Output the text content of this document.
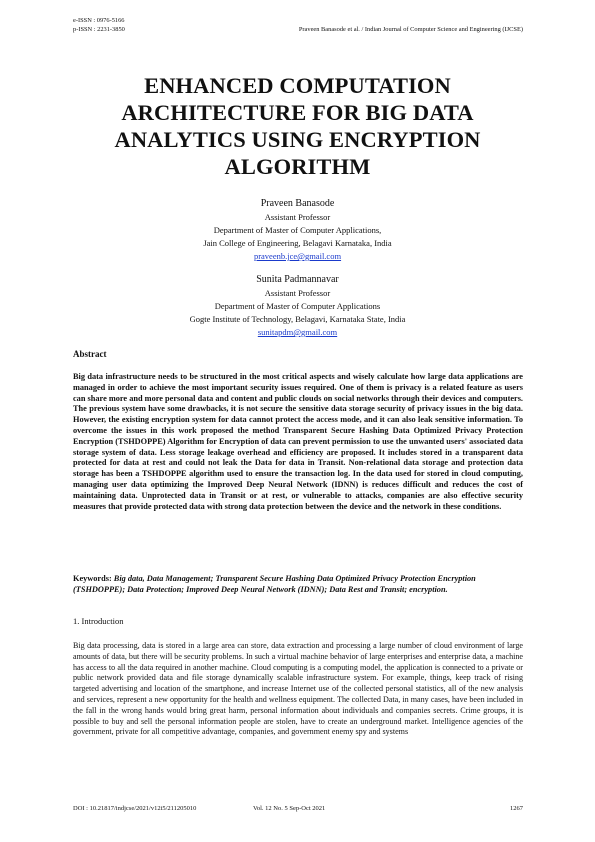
e-ISSN : 0976-5166
p-ISSN : 2231-3850	Praveen Banasode et al. / Indian Journal of Computer Science and Engineering (IJCSE)
ENHANCED COMPUTATION ARCHITECTURE FOR BIG DATA ANALYTICS USING ENCRYPTION ALGORITHM
Praveen Banasode
Assistant Professor
Department of Master of Computer Applications,
Jain College of Engineering, Belagavi Karnataka, India
praveenb.jce@gmail.com
Sunita Padmannavar
Assistant Professor
Department of Master of Computer Applications
Gogte Institute of Technology, Belagavi, Karnataka State, India
sunitapdm@gmail.com
Abstract

Big data infrastructure needs to be structured in the most critical aspects and wisely calculate how large data applications are managed in order to achieve the most important security issues required. One of them is privacy is a related feature as users can share more and more personal data and content and public clouds on social networks through their devices and computers. The previous system have some drawbacks, it is not secure the sensitive data storage security of privacy issues in the big data. However, the existing encryption system for data cannot protect the access mode, and it can also leak sensitive information. To overcome the issues in this work proposed the method Transparent Secure Hashing Data Optimized Privacy Protection Encryption (TSHDOPPE) Algorithm for Encryption of data can prevent permission to use the unwanted users' associated data storage system of data. Less storage leakage overhead and efficiency are proposed. It includes stored in a transparent data protected for data at rest and could not leak the Data for data in Transit. Non-relational data storage and protection data storage has been a TSHDOPPE algorithm used to ensure the transaction log. In the data used for stored in cloud computing, managing user data optimizing the Improved Deep Neural Network (IDNN) is reduces difficult and reduces the cost of maintaining data. Unprotected data in Transit or at rest, or vulnerable to attacks, companies are also effective security measures that provide protected data with strong data protection between the device and the network in these conditions.

Keywords: Big data, Data Management; Transparent Secure Hashing Data Optimized Privacy Protection Encryption (TSHDOPPE); Data Protection; Improved Deep Neural Network (IDNN); Data Rest and Transit; encryption.

1. Introduction

Big data processing, data is stored in a large area can store, data extraction and processing a large number of cloud environment of large amounts of data, but there will be security problems. In such a virtual machine behavior of large enterprises and enterprise data, a machine has access to all the data required in another machine. Cloud computing is a computing model, the application is connected to a private or public network provided data and file storage dynamically scalable infrastructure system. For example, things, keep track of rising targeted advertising and location of the smartphone, and increase Internet use of the collected personal statistics, all of the new analysis and services, represent a new opportunity for the health and wellness equipment. The collected Data, in many cases, have been included in the fall in the wrong hands would bring great harm, personal information about individuals and companies secrets. Crime groups, it is possible to buy and sell the personal information people are stolen, have to create an underground market. Intelligence agencies of the government, private for all competitive advantage, companies, and government enemy spy and systems

DOI : 10.21817/indjcse/2021/v12i5/211205010	Vol. 12 No. 5 Sep-Oct 2021	1267
